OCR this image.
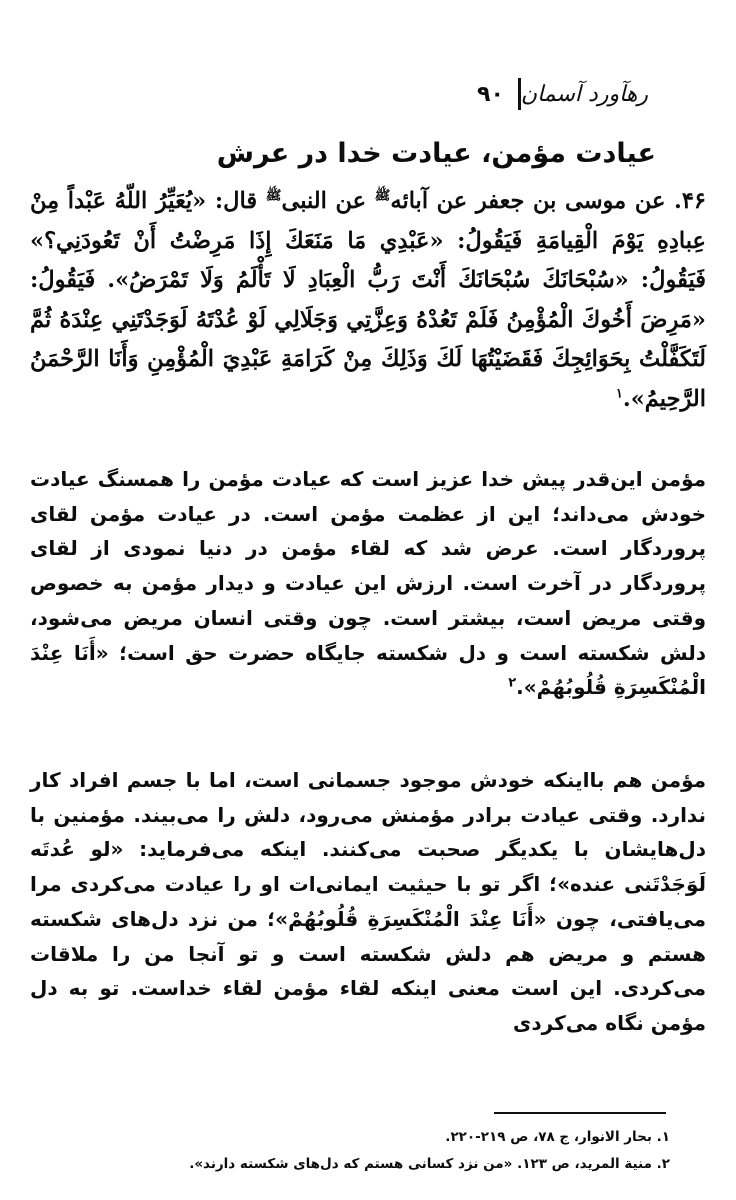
۹۰ رهآورد آسمان
عیادت مؤمن، عیادت خدا در عرش
۴۶. عن موسی بن جعفر عن آبائه$^ﷺ$ عن النبی$^ﷺ$ قال: «یُعَیِّرُ اللّهُ عَبْداً مِنْ عِبادِهِ یَوْمَ الْقِیامَةِ فَیَقُولُ: «عَبْدِي مَا مَنَعَكَ إِذَا مَرِضْتُ أَنْ تَعُودَنِي؟» فَیَقُولُ: «سُبْحَانَكَ سُبْحَانَكَ أَنْتَ رَبُّ الْعِبَادِ لَا تَأْلَمُ وَلَا تَمْرَضُ». فَیَقُولُ: «مَرِضَ أَخُوكَ الْمُؤْمِنُ فَلَمْ تَعُدْهُ وَعِزَّتِي وَجَلَالِي لَوْ عُدْتَهُ لَوَجَدْتَنِي عِنْدَهُ ثُمَّ لَتَكَفَّلْتُ بِحَوَائِجِكَ فَقَضَيْتُهَا لَكَ وَذَلِكَ مِنْ كَرَامَةِ عَبْدِيَ الْمُؤْمِنِ وَأَنَا الرَّحْمَنُ الرَّحِیمُ».$^۱$

مؤمن این‌قدر پیش خدا عزیز است که عیادت مؤمن را همسنگ عیادت خودش می‌داند؛ این از عظمت مؤمن است. در عیادت مؤمن لقای پروردگار است. عرض شد که لقاء مؤمن در دنیا نمودی از لقای پروردگار در آخرت است. ارزش این عیادت و دیدار مؤمن به خصوص وقتی مریض است، بیشتر است. چون وقتی انسان مریض می‌شود، دلش شکسته است و دل شکسته جایگاه حضرت حق است؛ «أَنَا عِنْدَ الْمُنْكَسِرَةِ قُلُوبُهُمْ».$^۲$

مؤمن هم بااینکه خودش موجود جسمانی است، اما با جسم افراد کار ندارد. وقتی عیادت برادر مؤمنش می‌رود، دلش را می‌بیند. مؤمنین با دل‌هایشان با یکدیگر صحبت می‌کنند. اینکه می‌فرماید: «لو عُدتَه لَوَجَدْتَنی عنده»؛ اگر تو با حیثیت ایمانی‌ات او را عیادت می‌کردی مرا می‌یافتی، چون «أَنَا عِنْدَ الْمُنْكَسِرَةِ قُلُوبُهُمْ»؛ من نزد دل‌های شکسته هستم و مریض هم دلش شکسته است و تو آنجا من را ملاقات می‌کردی. این است معنی اینکه لقاء مؤمن لقاء خداست. تو به دل مؤمن نگاه می‌کردی

۱. بحار الانوار، ج ۷۸، ص ۲۱۹-۲۲۰.
۲. منیة المرید، ص ۱۲۳. «من نزد کسانی هستم که دل‌های شکسته دارند».
